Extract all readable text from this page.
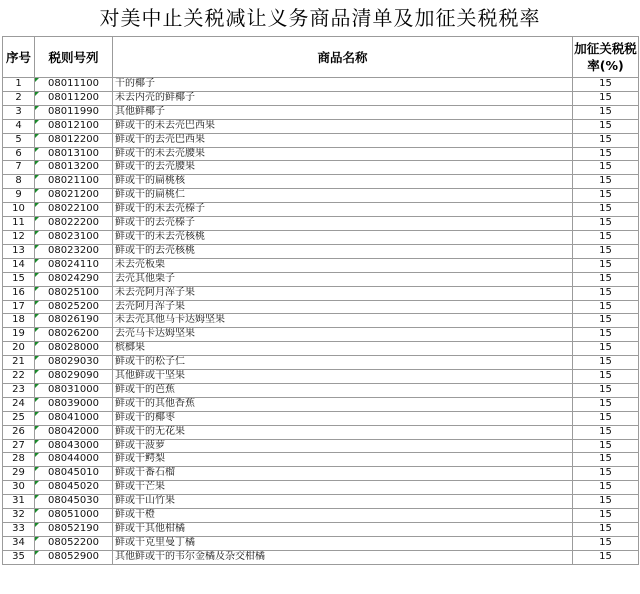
对美中止关税减让义务商品清单及加征关税税率
序号	税则号列	商品名称	加征关税税率(%)
1	08011100	干的椰子	15
2	08011200	未去内壳的鲜椰子	15
3	08011990	其他鲜椰子	15
4	08012100	鲜或干的未去壳巴西果	15
5	08012200	鲜或干的去壳巴西果	15
6	08013100	鲜或干的未去壳腰果	15
7	08013200	鲜或干的去壳腰果	15
8	08021100	鲜或干的扁桃核	15
9	08021200	鲜或干的扁桃仁	15
10	08022100	鲜或干的未去壳榛子	15
11	08022200	鲜或干的去壳榛子	15
12	08023100	鲜或干的未去壳核桃	15
13	08023200	鲜或干的去壳核桃	15
14	08024110	未去壳板栗	15
15	08024290	去壳其他栗子	15
16	08025100	未去壳阿月浑子果	15
17	08025200	去壳阿月浑子果	15
18	08026190	未去壳其他马卡达姆坚果	15
19	08026200	去壳马卡达姆坚果	15
20	08028000	槟榔果	15
21	08029030	鲜或干的松子仁	15
22	08029090	其他鲜或干坚果	15
23	08031000	鲜或干的芭蕉	15
24	08039000	鲜或干的其他香蕉	15
25	08041000	鲜或干的椰枣	15
26	08042000	鲜或干的无花果	15
27	08043000	鲜或干菠萝	15
28	08044000	鲜或干鳄梨	15
29	08045010	鲜或干番石榴	15
30	08045020	鲜或干芒果	15
31	08045030	鲜或干山竹果	15
32	08051000	鲜或干橙	15
33	08052190	鲜或干其他柑橘	15
34	08052200	鲜或干克里曼丁橘	15
35	08052900	其他鲜或干的韦尔金橘及杂交柑橘	15
